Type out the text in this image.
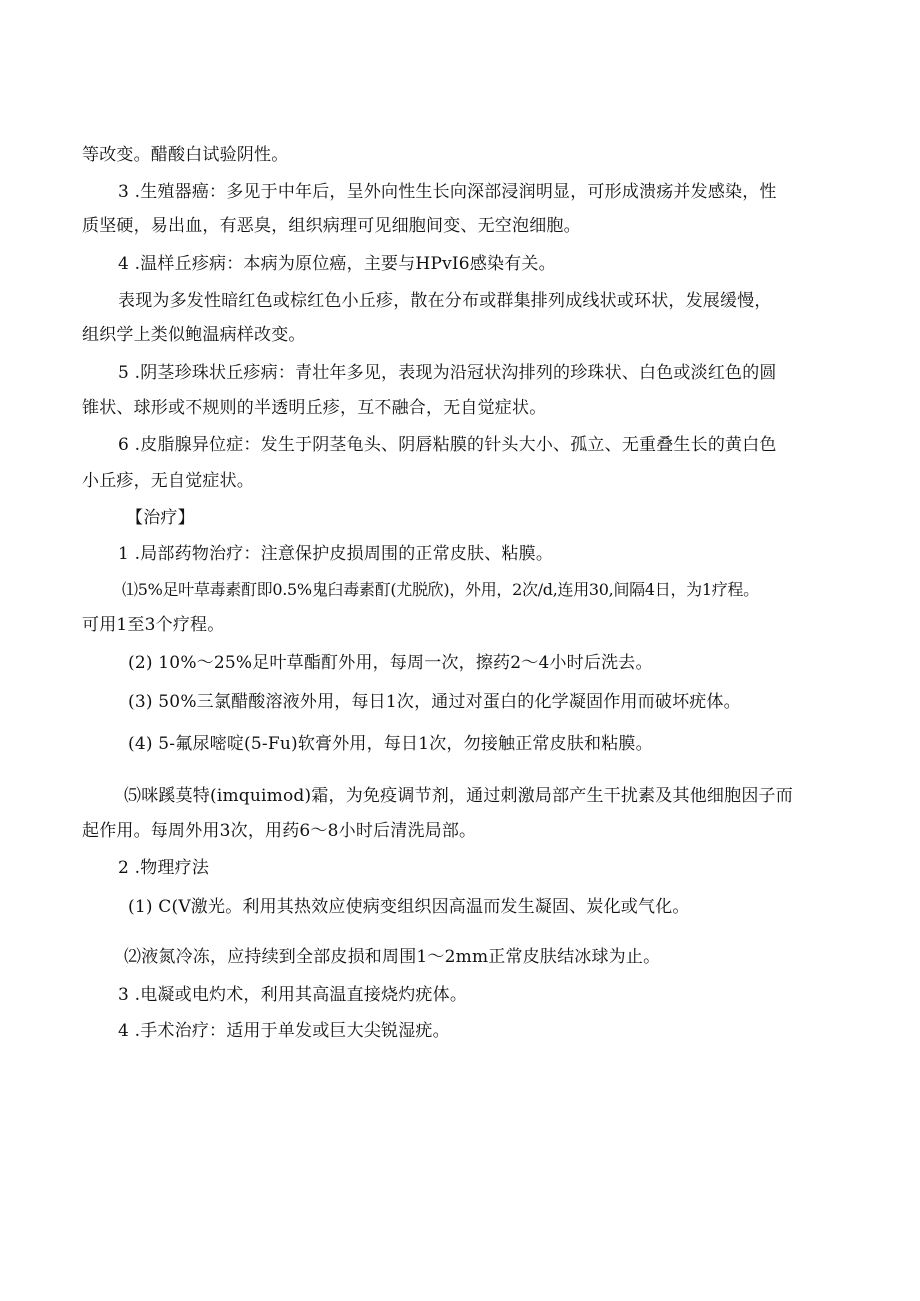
等改变。醋酸白试验阴性。
3 .生殖器癌：多见于中年后，呈外向性生长向深部浸润明显，可形成溃疡并发感染，性
质坚硬，易出血，有恶臭，组织病理可见细胞间变、无空泡细胞。
4 .温样丘疹病：本病为原位癌，主要与HPvI6感染有关。
表现为多发性暗红色或棕红色小丘疹，散在分布或群集排列成线状或环状，发展缓慢，
组织学上类似鲍温病样改变。
5 .阴茎珍珠状丘疹病：青壮年多见，表现为沿冠状沟排列的珍珠状、白色或淡红色的圆
锥状、球形或不规则的半透明丘疹，互不融合，无自觉症状。
6 .皮脂腺异位症：发生于阴茎龟头、阴唇粘膜的针头大小、孤立、无重叠生长的黄白色
小丘疹，无自觉症状。
【治疗】
1 .局部药物治疗：注意保护皮损周围的正常皮肤、粘膜。
⑴5%足叶草毒素酊即0.5%鬼臼毒素酊(尤脱欣)，外用，2次/d,连用30,间隔4日，为1疗程。
可用1至3个疗程。
(2) 10%～25%足叶草酯酊外用，每周一次，擦药2～4小时后洗去。
(3) 50%三氯醋酸溶液外用，每日1次，通过对蛋白的化学凝固作用而破坏疣体。
(4) 5-氟尿嘧啶(5-Fu)软膏外用，每日1次，勿接触正常皮肤和粘膜。
⑸咪蹊莫特(imquimod)霜，为免疫调节剂，通过刺激局部产生干扰素及其他细胞因子而
起作用。每周外用3次，用药6～8小时后清洗局部。
2 .物理疗法
(1) C(V激光。利用其热效应使病变组织因高温而发生凝固、炭化或气化。
⑵液氮冷冻，应持续到全部皮损和周围1～2mm正常皮肤结冰球为止。
3 .电凝或电灼术，利用其高温直接烧灼疣体。
4 .手术治疗：适用于单发或巨大尖锐湿疣。
